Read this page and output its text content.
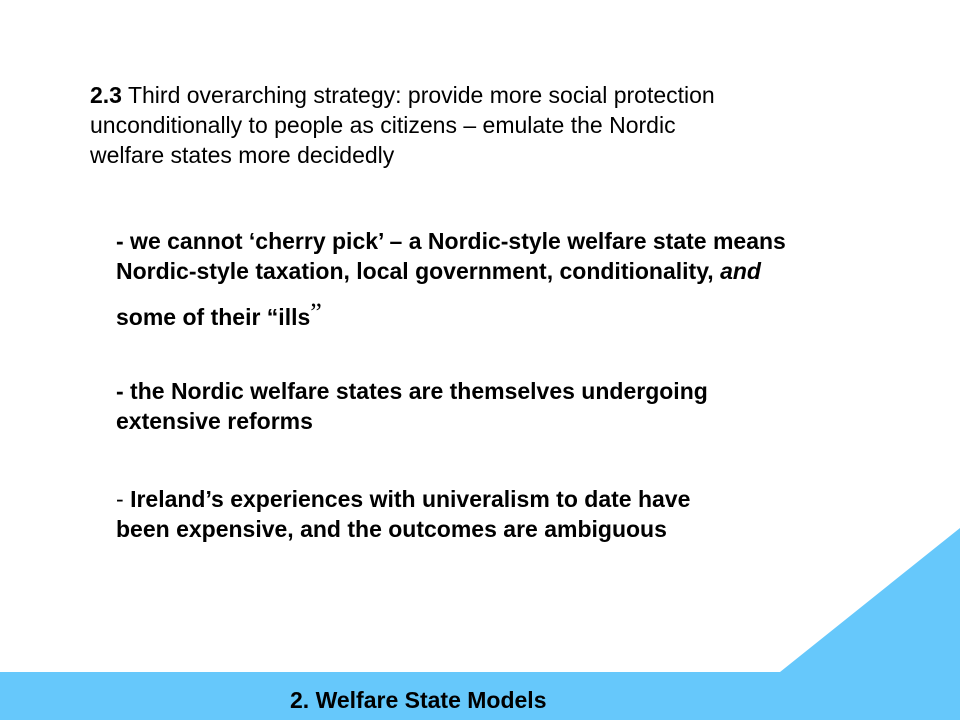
2.3 Third overarching strategy: provide more social protection
unconditionally to people as citizens – emulate the Nordic
welfare states more decidedly
- we cannot ‘cherry pick’ – a Nordic-style welfare state means
Nordic-style taxation, local government, conditionality, and
some of their “ills”
- the Nordic welfare states are themselves undergoing
extensive reforms
- Ireland’s experiences with univeralism to date have
been expensive, and the outcomes are ambiguous
2. Welfare State Models
